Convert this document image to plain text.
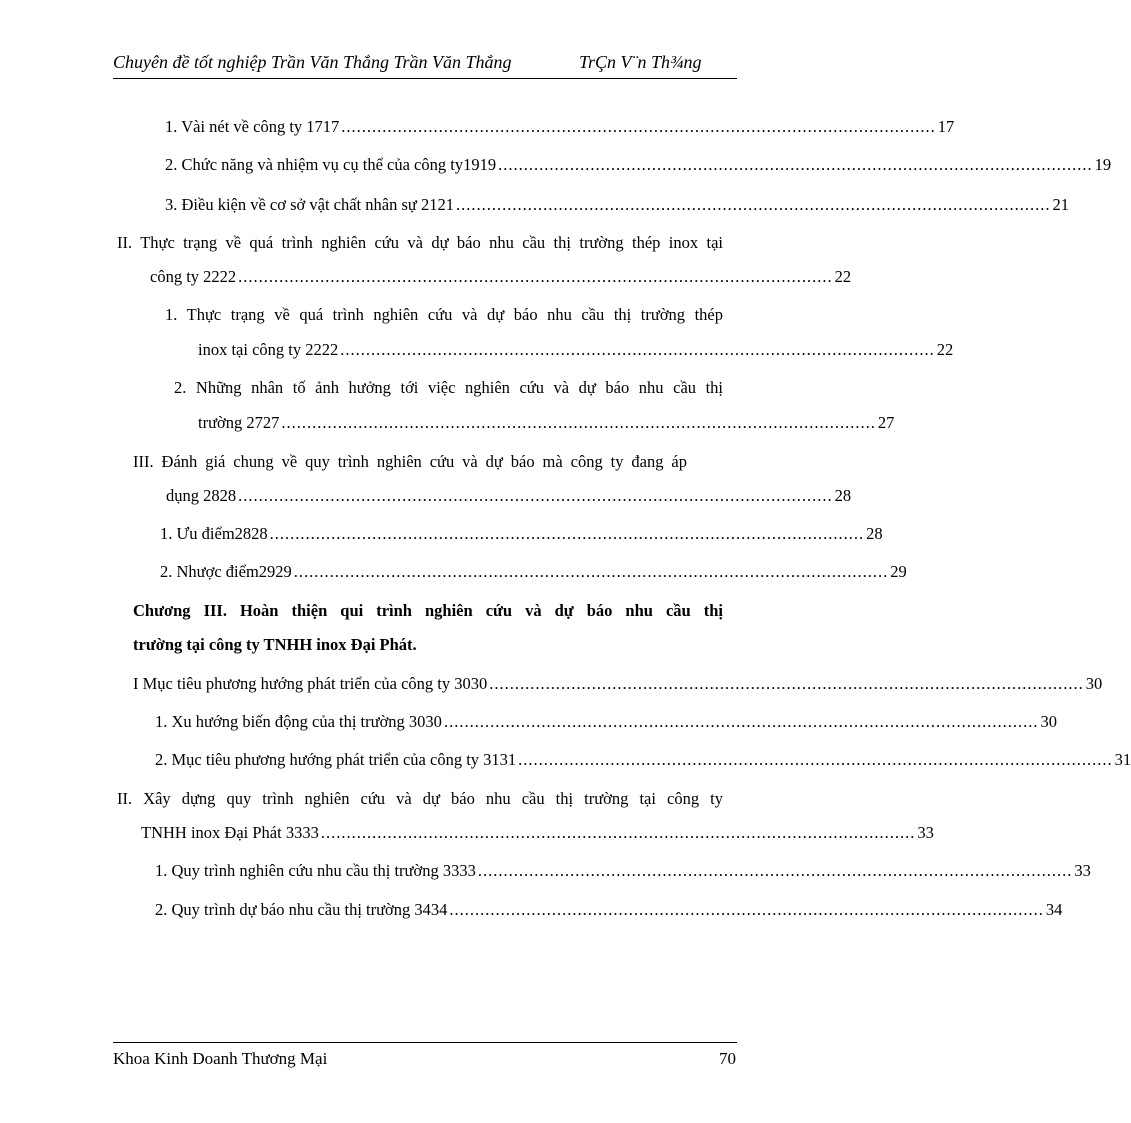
Chuyên đề tốt nghiệp Trần Văn Thắng Trần Văn Thắng	TrÇn V¨n Th¾ng
1. Vài nét về công ty 1717 .................................................................................................................... 17
2. Chức năng và nhiệm vụ cụ thể của công ty1919 .................................................................................................................... 19
3. Điều kiện về cơ sở vật chất nhân sự 2121 .................................................................................................................... 21
II. Thực trạng về quá trình nghiên cứu và dự báo nhu cầu thị trường thép inox tại
công ty 2222 .................................................................................................................... 22
1. Thực trạng về quá trình nghiên cứu và dự báo nhu cầu thị trường thép
inox tại công ty 2222 .................................................................................................................... 22
2. Những nhân tố ảnh hưởng tới việc nghiên cứu và dự báo nhu cầu thị
trường 2727 .................................................................................................................... 27
III. Đánh giá chung về quy trình nghiên cứu và dự báo mà công ty đang áp
dụng 2828 .................................................................................................................... 28
1. Ưu điểm2828 .................................................................................................................... 28
2. Nhược điểm2929 .................................................................................................................... 29
Chương III. Hoàn thiện qui trình nghiên cứu và dự báo nhu cầu thị
trường tại công ty TNHH inox Đại Phát.
I Mục tiêu phương hướng phát triển của công ty 3030 .................................................................................................................... 30
1. Xu hướng biến động của thị trường 3030 .................................................................................................................... 30
2. Mục tiêu phương hướng phát triển của công ty 3131 .................................................................................................................... 31
II. Xây dựng quy trình nghiên cứu và dự báo nhu cầu thị trường tại công ty
TNHH inox Đại Phát 3333 .................................................................................................................... 33
1. Quy trình nghiên cứu nhu cầu thị trường 3333 .................................................................................................................... 33
2. Quy trình dự báo nhu cầu thị trường 3434 .................................................................................................................... 34
Khoa Kinh Doanh Thương Mại	70
